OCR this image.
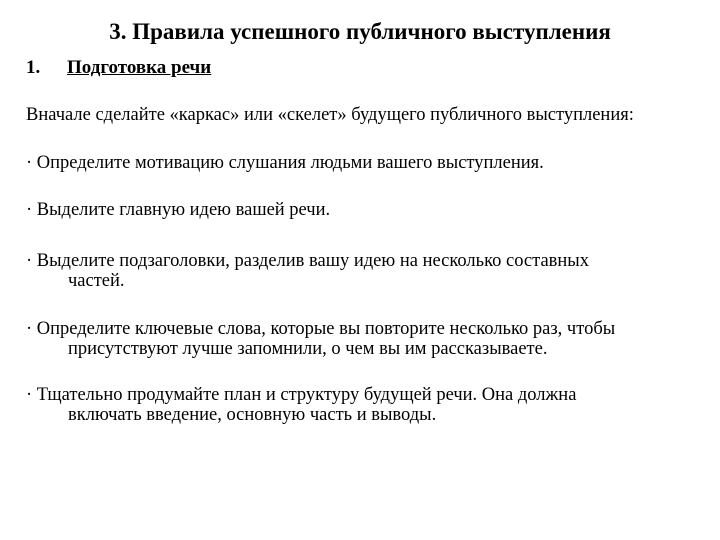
3. Правила успешного публичного выступления
1. Подготовка речи
Вначале сделайте «каркас» или «скелет» будущего публичного выступления:
· Определите мотивацию слушания людьми вашего выступления.
· Выделите главную идею вашей речи.
· Выделите подзаголовки, разделив вашу идею на несколько составных
частей.
· Определите ключевые слова, которые вы повторите несколько раз, чтобы
присутствуют лучше запомнили, о чем вы им рассказываете.
· Тщательно продумайте план и структуру будущей речи. Она должна
включать введение, основную часть и выводы.
